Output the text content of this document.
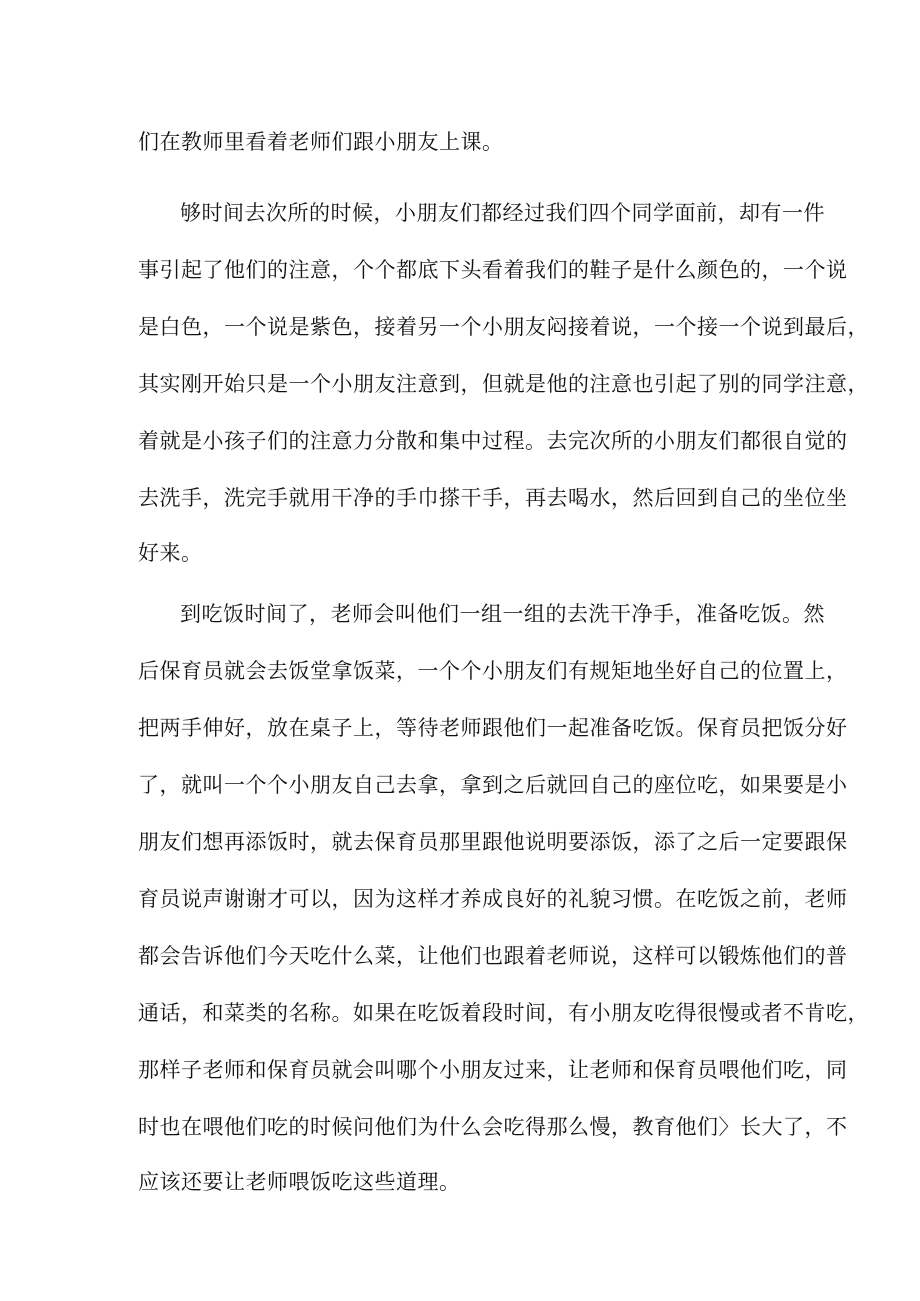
们在教师里看着老师们跟小朋友上课。
够时间去次所的时候，小朋友们都经过我们四个同学面前，却有一件
事引起了他们的注意，个个都底下头看着我们的鞋子是什么颜色的，一个说
是白色，一个说是紫色，接着另一个小朋友闷接着说，一个接一个说到最后，
其实刚开始只是一个小朋友注意到，但就是他的注意也引起了别的同学注意，
着就是小孩子们的注意力分散和集中过程。去完次所的小朋友们都很自觉的
去洗手，洗完手就用干净的手巾搽干手，再去喝水，然后回到自己的坐位坐
好来。
到吃饭时间了，老师会叫他们一组一组的去洗干净手，准备吃饭。然
后保育员就会去饭堂拿饭菜，一个个小朋友们有规矩地坐好自己的位置上，
把两手伸好，放在桌子上，等待老师跟他们一起准备吃饭。保育员把饭分好
了，就叫一个个小朋友自己去拿，拿到之后就回自己的座位吃，如果要是小
朋友们想再添饭时，就去保育员那里跟他说明要添饭，添了之后一定要跟保
育员说声谢谢才可以，因为这样才养成良好的礼貌习惯。在吃饭之前，老师
都会告诉他们今天吃什么菜，让他们也跟着老师说，这样可以锻炼他们的普
通话，和菜类的名称。如果在吃饭着段时间，有小朋友吃得很慢或者不肯吃，
那样子老师和保育员就会叫哪个小朋友过来，让老师和保育员喂他们吃，同
时也在喂他们吃的时候问他们为什么会吃得那么慢，教育他们〉长大了，不
应该还要让老师喂饭吃这些道理。
